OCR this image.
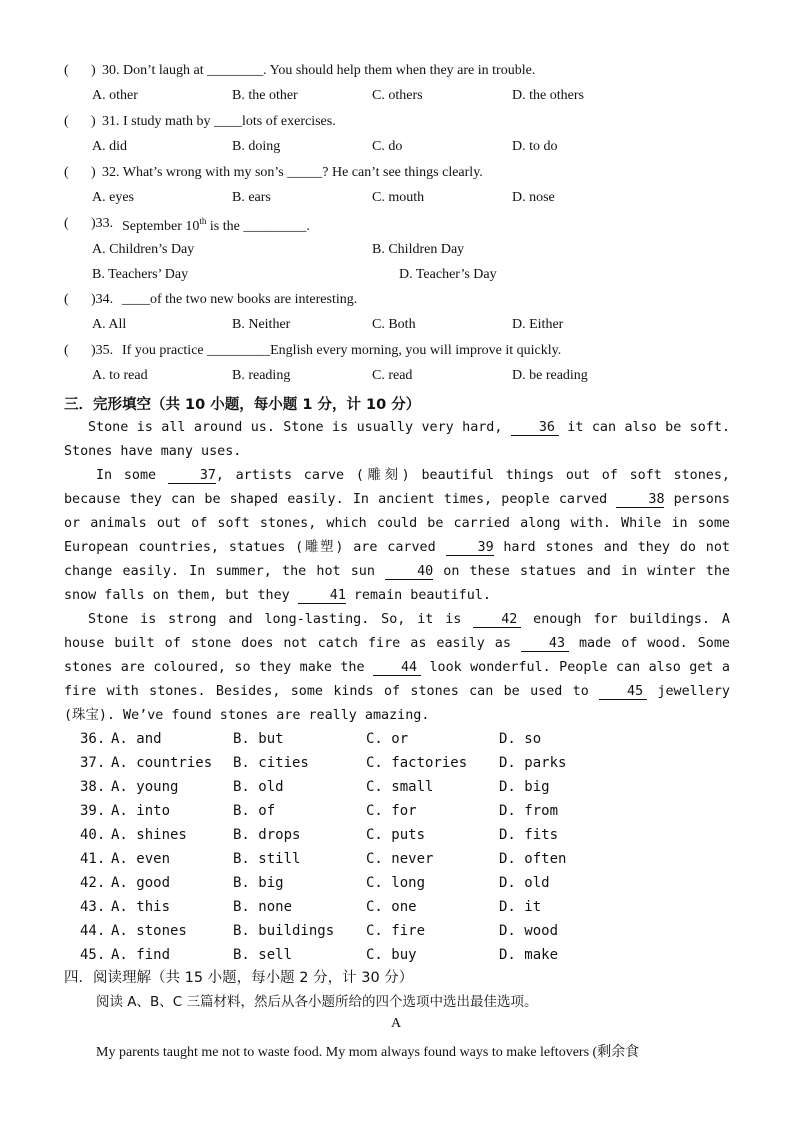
( ) 30. Don’t laugh at ________. You should help them when they are in trouble.
A. other	B. the other	C. others	D. the others
( ) 31. I study math by ____lots of exercises.
A. did	B. doing	C. do	D. to do
( ) 32. What’s wrong with my son’s _____? He can’t see things clearly.
A. eyes	B. ears	C. mouth	D. nose
( )33. September 10th is the _________.
A. Children’s Day	B. Children Day
B. Teachers’ Day	D. Teacher’s Day
( )34. ____of the two new books are interesting.
A. All	B. Neither	C. Both	D. Either
( )35. If you practice _________English every morning, you will improve it quickly.
A. to read	B. reading	C. read	D. be reading
三．完形填空（共 10 小题，每小题 1 分，计 10 分）

Stone is all around us. Stone is usually very hard, 36 it can also be soft. Stones have many uses.

In some 37, artists carve (雕刻) beautiful things out of soft stones, because they can be shaped easily. In ancient times, people carved 38 persons or animals out of soft stones, which could be carried along with. While in some European countries, statues (雕塑) are carved 39 hard stones and they do not change easily. In summer, the hot sun 40 on these statues and in winter the snow falls on them, but they 41 remain beautiful.

Stone is strong and long-lasting. So, it is 42 enough for buildings. A house built of stone does not catch fire as easily as 43 made of wood. Some stones are coloured, so they make the 44 look wonderful. People can also get a fire with stones. Besides, some kinds of stones can be used to 45 jewellery (珠宝). We’ve found stones are really amazing.

36. A. and	B. but	C. or	D. so
37. A. countries B. cities	C. factories D. parks
38. A. young	B. old	C. small	D. big
39. A. into	B. of	C. for	D. from
40. A. shines	B. drops	C. puts	D. fits
41. A. even	B. still	C. never	D. often
42. A. good	B. big	C. long	D. old
43. A. this	B. none	C. one	D. it
44. A. stones	B. buildings C. fire	D. wood
45. A. find	B. sell	C. buy	D. make
四．阅读理解（共 15 小题，每小题 2 分，计 30 分）
阅读 A、B、C 三篇材料，然后从各小题所给的四个选项中选出最佳选项。
A
My parents taught me not to waste food. My mom always found ways to make leftovers (剩余食
